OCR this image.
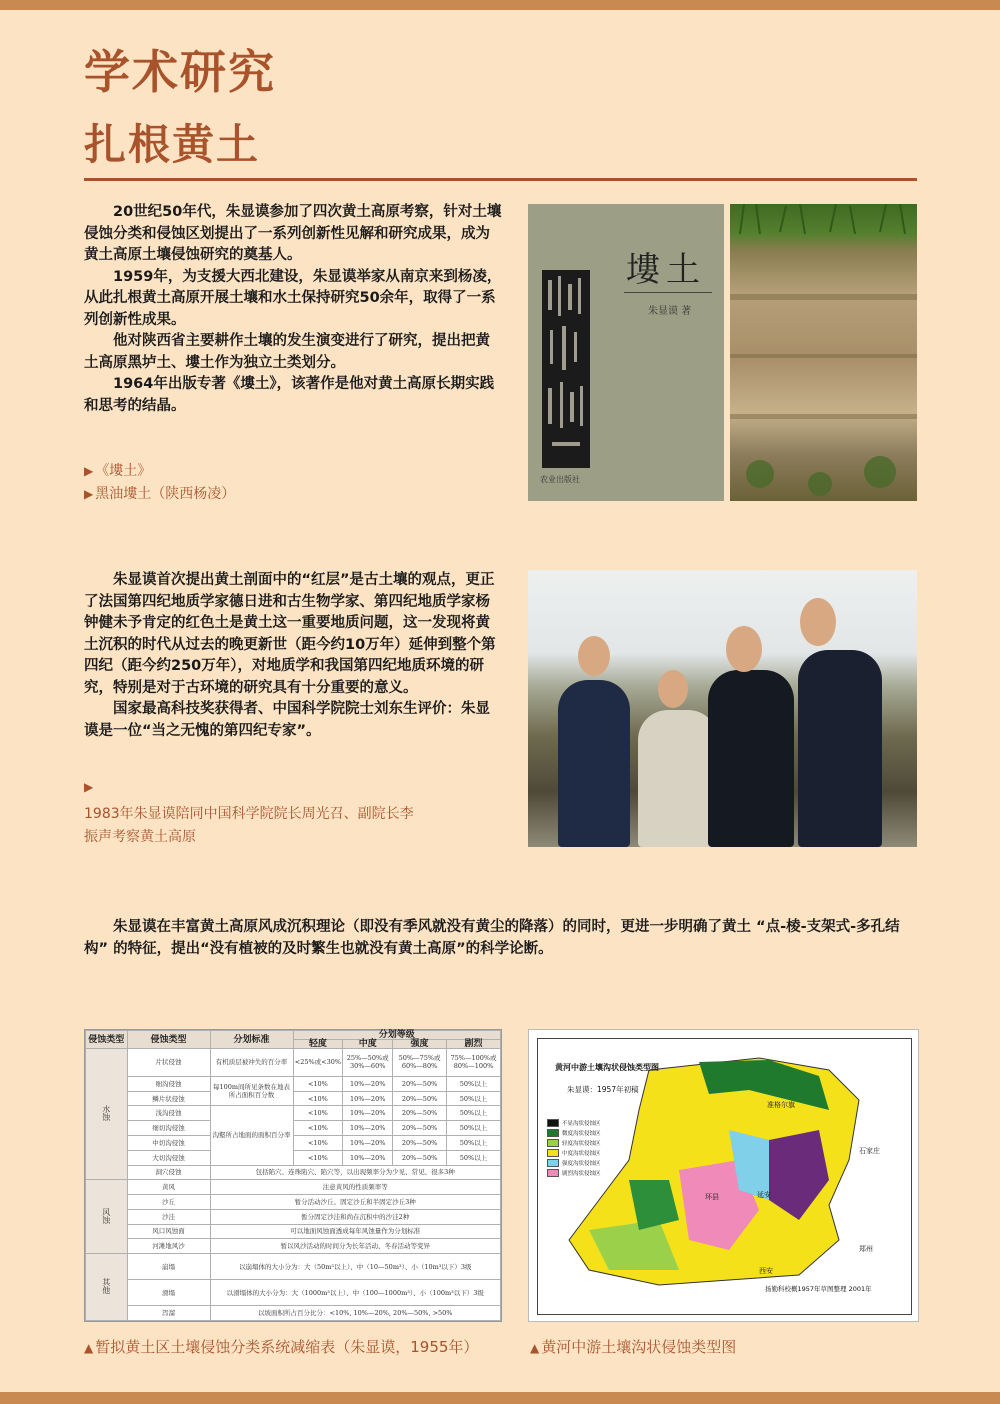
学术研究
扎根黄土

20世纪50年代，朱显谟参加了四次黄土高原考察，针对土壤侵蚀分类和侵蚀区划提出了一系列创新性见解和研究成果，成为黄土高原土壤侵蚀研究的奠基人。

1959年，为支援大西北建设，朱显谟举家从南京来到杨凌，从此扎根黄土高原开展土壤和水土保持研究50余年，取得了一系列创新性成果。

他对陕西省主要耕作土壤的发生演变进行了研究，提出把黄土高原黑垆土、塿土作为独立土类划分。

1964年出版专著《塿土》，该著作是他对黄土高原长期实践和思考的结晶。

▶ 《塿土》
▶ 黑油塿土（陕西杨凌）
塿土
朱显谟 著
农业出版社

朱显谟首次提出黄土剖面中的“红层”是古土壤的观点，更正了法国第四纪地质学家德日进和古生物学家、第四纪地质学家杨钟健未予肯定的红色土是黄土这一重要地质问题，这一发现将黄土沉积的时代从过去的晚更新世（距今约10万年）延伸到整个第四纪（距今约250万年），对地质学和我国第四纪地质环境的研究，特别是对于古环境的研究具有十分重要的意义。

国家最高科技奖获得者、中国科学院院士刘东生评价：朱显谟是一位“当之无愧的第四纪专家”。

▶
1983年朱显谟陪同中国科学院院长周光召、副院长李振声考察黄土高原

朱显谟在丰富黄土高原风成沉积理论（即没有季风就没有黄尘的降落）的同时，更进一步明确了黄土 “点-棱-支架式-多孔结构” 的特征，提出“没有植被的及时繁生也就没有黄土高原”的科学论断。

侵蚀类型	侵蚀类型	分划标准	分划等级			
			轻度	中度	强度	剧烈
水
蚀	片状侵蚀	有机质层被冲失的百分率	<25%或<30%	25%—50%或30%—60%	50%—75%或60%—80%	75%—100%或80%—100%
	细沟侵蚀	每100m间所见条数在地表所占面积百分数	<10%	10%—20%	20%—50%	50%以上
	鳞片状侵蚀		<10%	10%—20%	20%—50%	50%以上
	浅沟侵蚀	沟壑所占地面的面积百分率	<10%	10%—20%	20%—50%	50%以上
	细切沟侵蚀		<10%	10%—20%	20%—50%	50%以上
	中切沟侵蚀		<10%	10%—20%	20%—50%	50%以上
	大切沟侵蚀		<10%	10%—20%	20%—50%	50%以上
	洞穴侵蚀	包括陷穴、连珠陷穴、陷穴等，以出现频率分为少见、常见、很多3种				
风
蚀	黄风	注意黄风的性质频率等				
	沙丘	暂分活动沙丘、固定沙丘和半固定沙丘3种				
	沙洼	暂分固定沙洼和尚在沉积中的沙洼2种				
	风口风蚀面	可以地面风蚀面透成每年风蚀量作为分划标准				
	河滩地风沙	暂以风沙活动的时间分为长年活动、冬春活动等变异				
其
他	崩塌	以崩塌体的大小分为：大（50m³以上）、中（10—50m³）、小（10m³以下）3级				
	滑塌	以滑塌体的大小分为：大（1000m³以上）、中（100—1000m³）、小（100m³以下）3级				
	泻溜	以坡面积所占百分比分：<10%, 10%—20%, 20%—50%, >50%				
黄河中游土壤沟状侵蚀类型图
朱显谟：1957年初稿
不显沟状侵蚀区
微度沟状侵蚀区
轻度沟状侵蚀区
中度沟状侵蚀区
强度沟状侵蚀区
剧烈沟状侵蚀区
准格尔旗
石家庄
延安
郑州
环县
西安
扬勤科校概1957年草图整理 2001年
▲ 暂拟黄土区土壤侵蚀分类系统减缩表（朱显谟，1955年）	▲ 黄河中游土壤沟状侵蚀类型图
